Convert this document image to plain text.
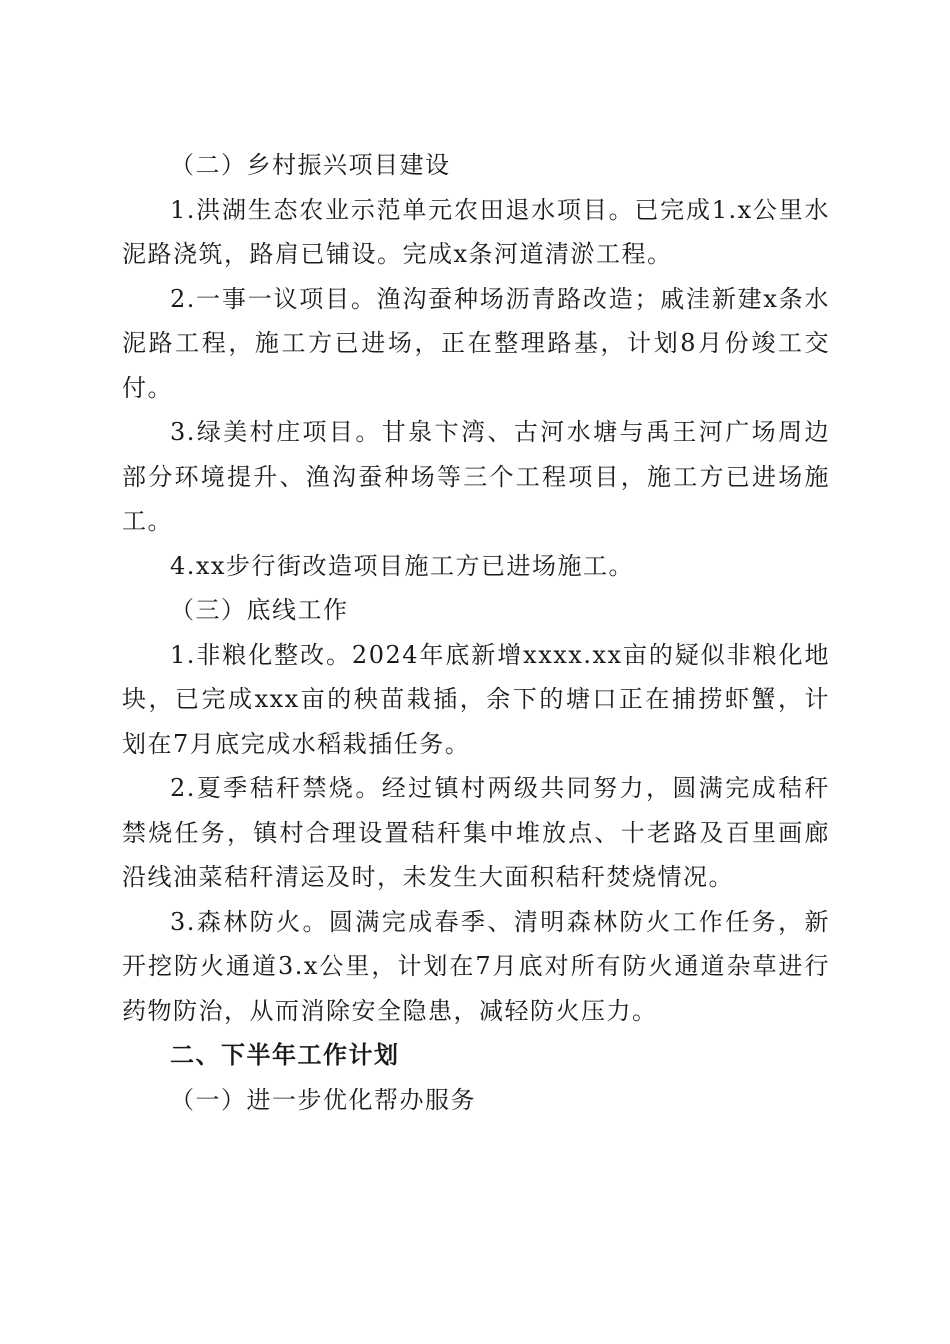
（二）乡村振兴项目建设

1.洪湖生态农业示范单元农田退水项目。已完成1.x公里水泥路浇筑，路肩已铺设。完成x条河道清淤工程。

2.一事一议项目。渔沟蚕种场沥青路改造；戚洼新建x条水泥路工程，施工方已进场，正在整理路基，计划8月份竣工交付。

3.绿美村庄项目。甘泉卞湾、古河水塘与禹王河广场周边部分环境提升、渔沟蚕种场等三个工程项目，施工方已进场施工。

4.xx步行街改造项目施工方已进场施工。

（三）底线工作

1.非粮化整改。2024年底新增xxxx.xx亩的疑似非粮化地块，已完成xxx亩的秧苗栽插，余下的塘口正在捕捞虾蟹，计划在7月底完成水稻栽插任务。

2.夏季秸秆禁烧。经过镇村两级共同努力，圆满完成秸秆禁烧任务，镇村合理设置秸秆集中堆放点、十老路及百里画廊沿线油菜秸秆清运及时，未发生大面积秸秆焚烧情况。

3.森林防火。圆满完成春季、清明森林防火工作任务，新开挖防火通道3.x公里，计划在7月底对所有防火通道杂草进行药物防治，从而消除安全隐患，减轻防火压力。

二、下半年工作计划

（一）进一步优化帮办服务
